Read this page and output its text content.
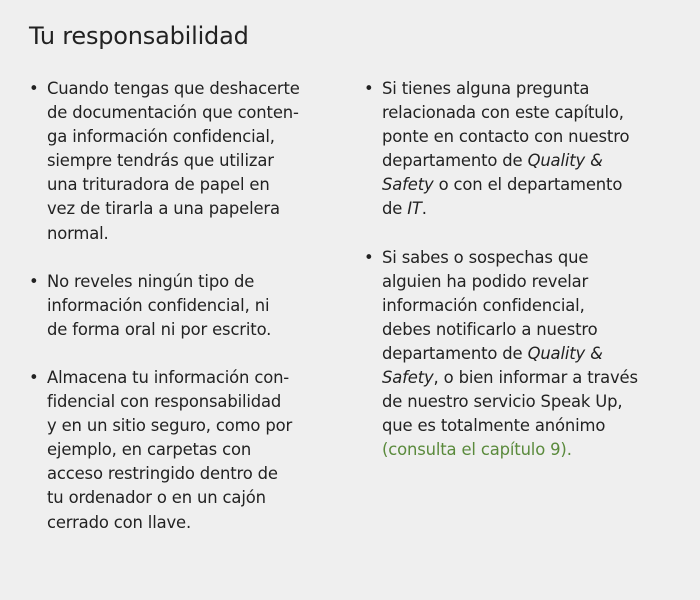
Tu responsabilidad
• Cuando tengas que deshacerte
de documentación que conten-
ga información confidencial,
siempre tendrás que utilizar
una trituradora de papel en
vez de tirarla a una papelera
normal.
• No reveles ningún tipo de
información confidencial, ni
de forma oral ni por escrito.
• Almacena tu información con-
fidencial con responsabilidad
y en un sitio seguro, como por
ejemplo, en carpetas con
acceso restringido dentro de
tu ordenador o en un cajón
cerrado con llave.
• Si tienes alguna pregunta
relacionada con este capítulo,
ponte en contacto con nuestro
departamento de Quality &
Safety o con el departamento
de IT.
• Si sabes o sospechas que
alguien ha podido revelar
información confidencial,
debes notificarlo a nuestro
departamento de Quality &
Safety, o bien informar a través
de nuestro servicio Speak Up,
que es totalmente anónimo
(consulta el capítulo 9).
